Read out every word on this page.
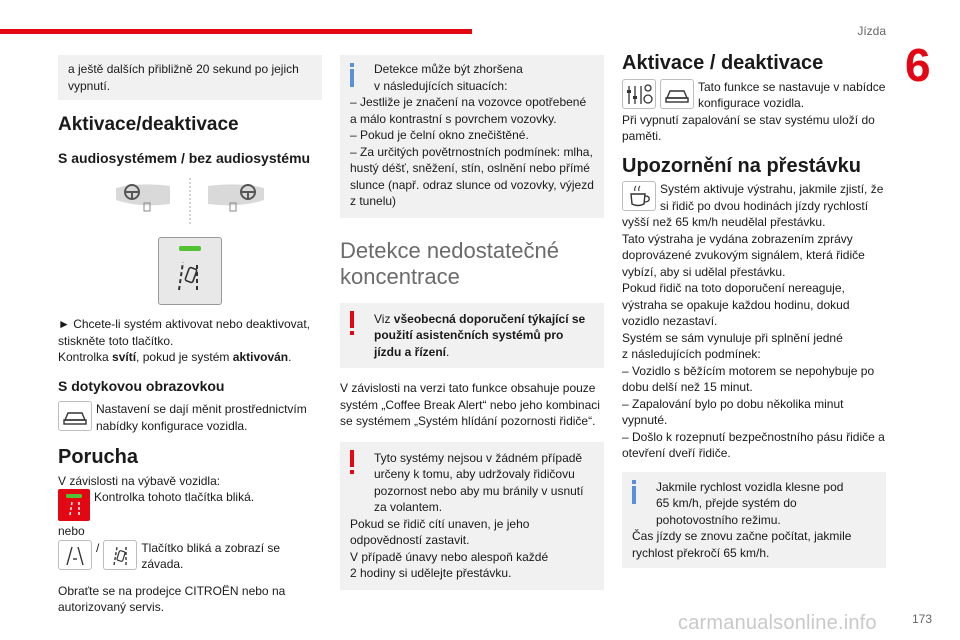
Jízda
6
173
carmanualsonline.info

a ještě dalších přibližně 20 sekund po jejich vypnutí.

Aktivace/deaktivace

S audiosystémem / bez audiosystému

► Chcete-li systém aktivovat nebo deaktivovat, stiskněte toto tlačítko.

Kontrolka svítí, pokud je systém aktivován.

S dotykovou obrazovkou

Nastavení se dají měnit prostřednictvím nabídky konfigurace vozidla.

Porucha

V závislosti na výbavě vozidla:

Kontrolka tohoto tlačítka bliká.

nebo

/	Tlačítko bliká a zobrazí se závada.

Obraťte se na prodejce CITROËN nebo na autorizovaný servis.

Detekce může být zhoršena

v následujících situacích:

– Jestliže je značení na vozovce opotřebené a málo kontrastní s povrchem vozovky.

– Pokud je čelní okno znečištěné.

– Za určitých povětrnostních podmínek: mlha, hustý déšť, sněžení, stín, oslnění nebo přímé slunce (např. odraz slunce od vozovky, výjezd z tunelu)

Detekce nedostatečné koncentrace

Viz všeobecná doporučení týkající se použití asistenčních systémů pro jízdu a řízení.

V závislosti na verzi tato funkce obsahuje pouze systém „Coffee Break Alert“ nebo jeho kombinaci se systémem „Systém hlídání pozornosti řidiče“.

Tyto systémy nejsou v žádném případě

určeny k tomu, aby udržovaly řidičovu pozornost nebo aby mu bránily v usnutí za volantem.

Pokud se řidič cítí unaven, je jeho odpovědností zastavit.

V případě únavy nebo alespoň každé

2 hodiny si udělejte přestávku.

Aktivace / deaktivace

Tato funkce se nastavuje v nabídce konfigurace vozidla.

Při vypnutí zapalování se stav systému uloží do paměti.

Upozornění na přestávku

Systém aktivuje výstrahu, jakmile zjistí, že si řidič po dvou hodinách jízdy rychlostí vyšší než 65 km/h neudělal přestávku.

Tato výstraha je vydána zobrazením zprávy doprovázené zvukovým signálem, která řidiče vybízí, aby si udělal přestávku.

Pokud řidič na toto doporučení nereaguje, výstraha se opakuje každou hodinu, dokud vozidlo nezastaví.

Systém se sám vynuluje při splnění jedné

z následujících podmínek:

– Vozidlo s běžícím motorem se nepohybuje po dobu delší než 15 minut.

– Zapalování bylo po dobu několika minut vypnuté.

– Došlo k rozepnutí bezpečnostního pásu řidiče a otevření dveří řidiče.

Jakmile rychlost vozidla klesne pod

65 km/h, přejde systém do pohotovostního režimu.

Čas jízdy se znovu začne počítat, jakmile rychlost překročí 65 km/h.
